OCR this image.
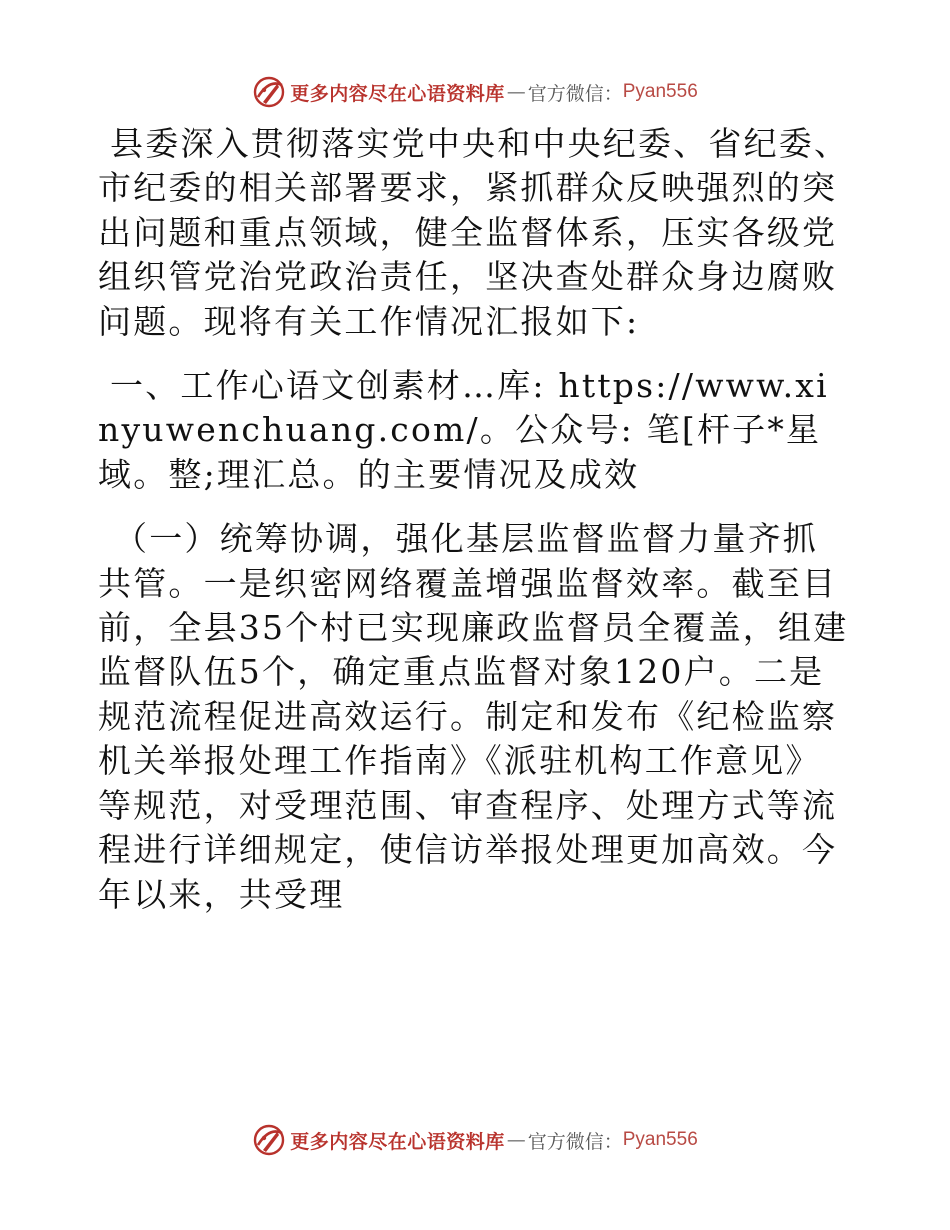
更多内容尽在心语资料库 — 官方微信： Pyan556

县委深入贯彻落实党中央和中央纪委、省纪委、市纪委的相关部署要求，紧抓群众反映强烈的突出问题和重点领域，健全监督体系，压实各级党组织管党治党政治责任，坚决查处群众身边腐败问题。现将有关工作情况汇报如下:

一、工作心语文创素材…库: https://www.xinyuwenchuang.com/。公众号: 笔[杆子*星域。整;理汇总。的主要情况及成效

（一）统筹协调，强化基层监督监督力量齐抓共管。一是织密网络覆盖增强监督效率。截至目前，全县35个村已实现廉政监督员全覆盖，组建监督队伍5个，确定重点监督对象120户。二是规范流程促进高效运行。制定和发布《纪检监察机关举报处理工作指南》《派驻机构工作意见》等规范，对受理范围、审查程序、处理方式等流程进行详细规定，使信访举报处理更加高效。今年以来，共受理

更多内容尽在心语资料库 — 官方微信： Pyan556
